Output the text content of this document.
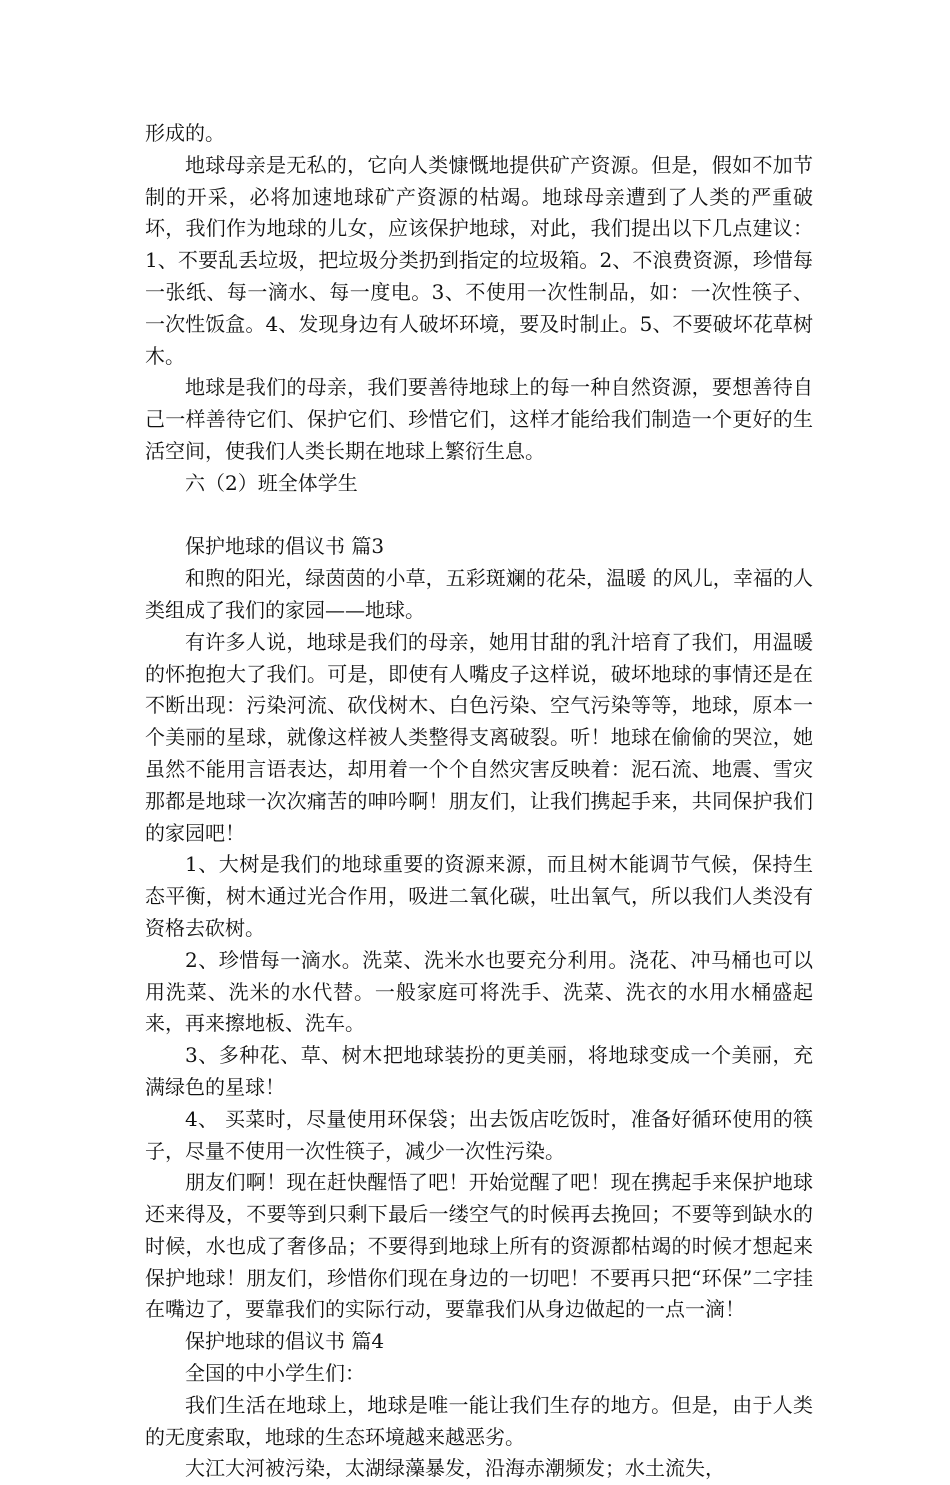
形成的。

地球母亲是无私的，它向人类慷慨地提供矿产资源。但是，假如不加节制的开采，必将加速地球矿产资源的枯竭。地球母亲遭到了人类的严重破坏，我们作为地球的儿女，应该保护地球，对此，我们提出以下几点建议：1、不要乱丢垃圾，把垃圾分类扔到指定的垃圾箱。2、不浪费资源，珍惜每一张纸、每一滴水、每一度电。3、不使用一次性制品，如：一次性筷子、一次性饭盒。4、发现身边有人破坏环境，要及时制止。5、不要破坏花草树木。

地球是我们的母亲，我们要善待地球上的每一种自然资源，要想善待自己一样善待它们、保护它们、珍惜它们，这样才能给我们制造一个更好的生活空间，使我们人类长期在地球上繁衍生息。

六（2）班全体学生

保护地球的倡议书 篇3

和煦的阳光，绿茵茵的小草，五彩斑斓的花朵，温暖 的风儿，幸福的人类组成了我们的家园——地球。

有许多人说，地球是我们的母亲，她用甘甜的乳汁培育了我们，用温暖 的怀抱抱大了我们。可是，即使有人嘴皮子这样说，破坏地球的事情还是在不断出现：污染河流、砍伐树木、白色污染、空气污染等等，地球，原本一个美丽的星球，就像这样被人类整得支离破裂。听！地球在偷偷的哭泣，她虽然不能用言语表达，却用着一个个自然灾害反映着：泥石流、地震、雪灾那都是地球一次次痛苦的呻吟啊！朋友们，让我们携起手来，共同保护我们的家园吧！

1、大树是我们的地球重要的资源来源，而且树木能调节气候，保持生态平衡，树木通过光合作用，吸进二氧化碳，吐出氧气，所以我们人类没有资格去砍树。

2、珍惜每一滴水。洗菜、洗米水也要充分利用。浇花、冲马桶也可以用洗菜、洗米的水代替。一般家庭可将洗手、洗菜、洗衣的水用水桶盛起来，再来擦地板、洗车。

3、多种花、草、树木把地球装扮的更美丽，将地球变成一个美丽，充满绿色的星球！

4、 买菜时，尽量使用环保袋；出去饭店吃饭时，准备好循环使用的筷子，尽量不使用一次性筷子，减少一次性污染。

朋友们啊！现在赶快醒悟了吧！开始觉醒了吧！现在携起手来保护地球还来得及，不要等到只剩下最后一缕空气的时候再去挽回；不要等到缺水的时候，水也成了奢侈品；不要得到地球上所有的资源都枯竭的时候才想起来保护地球！朋友们，珍惜你们现在身边的一切吧！不要再只把“环保”二字挂在嘴边了，要靠我们的实际行动，要靠我们从身边做起的一点一滴！

保护地球的倡议书 篇4

全国的中小学生们：

我们生活在地球上，地球是唯一能让我们生存的地方。但是，由于人类的无度索取，地球的生态环境越来越恶劣。

大江大河被污染，太湖绿藻暴发，沿海赤潮频发；水土流失，
